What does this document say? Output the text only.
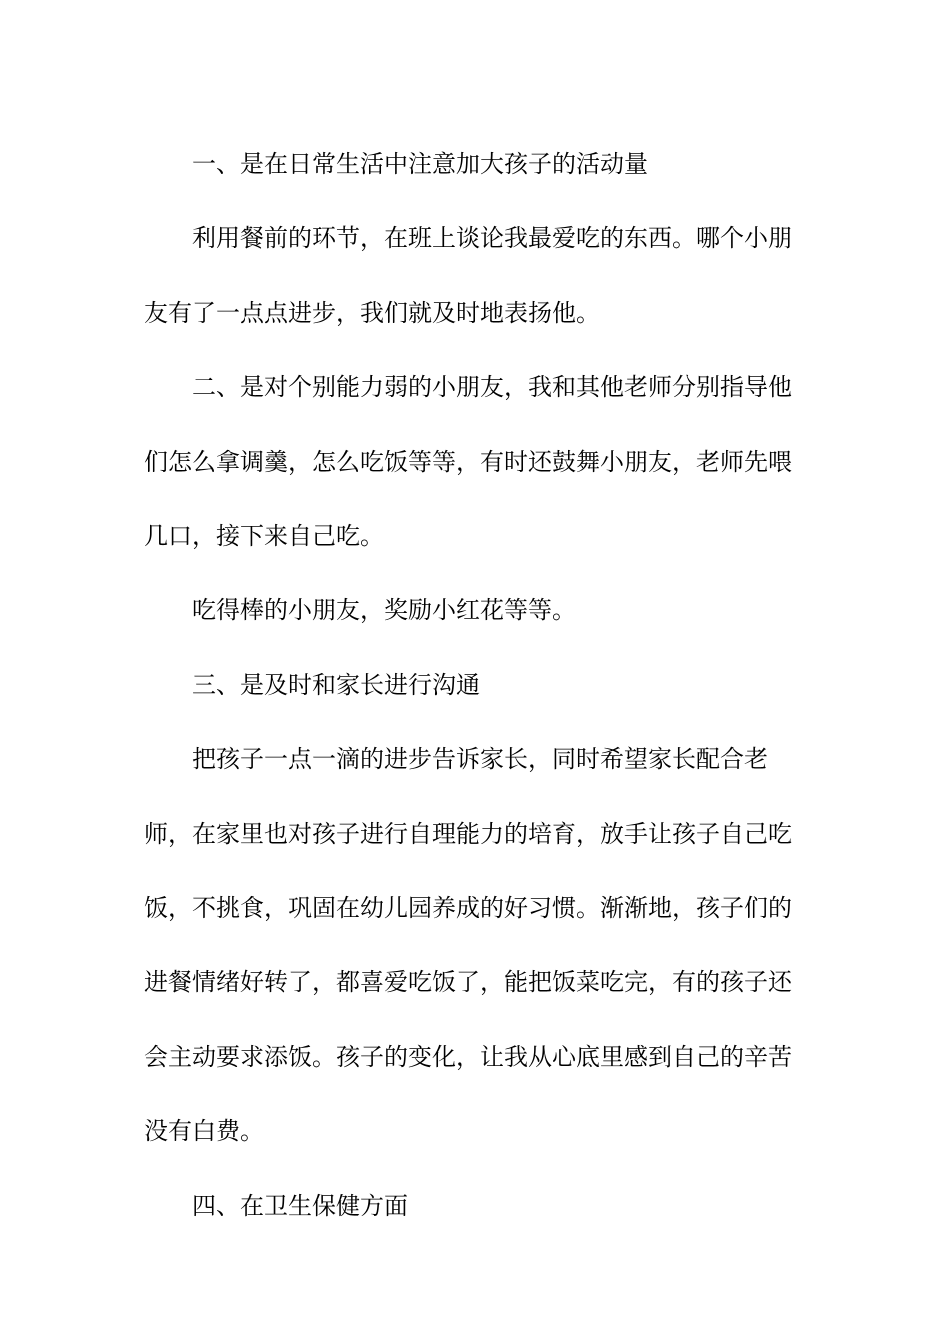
一、是在日常生活中注意加大孩子的活动量

利用餐前的环节，在班上谈论我最爱吃的东西。哪个小朋友有了一点点进步，我们就及时地表扬他。

二、是对个别能力弱的小朋友，我和其他老师分别指导他们怎么拿调羹，怎么吃饭等等，有时还鼓舞小朋友，老师先喂几口，接下来自己吃。

吃得棒的小朋友，奖励小红花等等。

三、是及时和家长进行沟通

把孩子一点一滴的进步告诉家长，同时希望家长配合老师，在家里也对孩子进行自理能力的培育，放手让孩子自己吃饭，不挑食，巩固在幼儿园养成的好习惯。渐渐地，孩子们的进餐情绪好转了，都喜爱吃饭了，能把饭菜吃完，有的孩子还会主动要求添饭。孩子的变化，让我从心底里感到自己的辛苦没有白费。

四、在卫生保健方面
